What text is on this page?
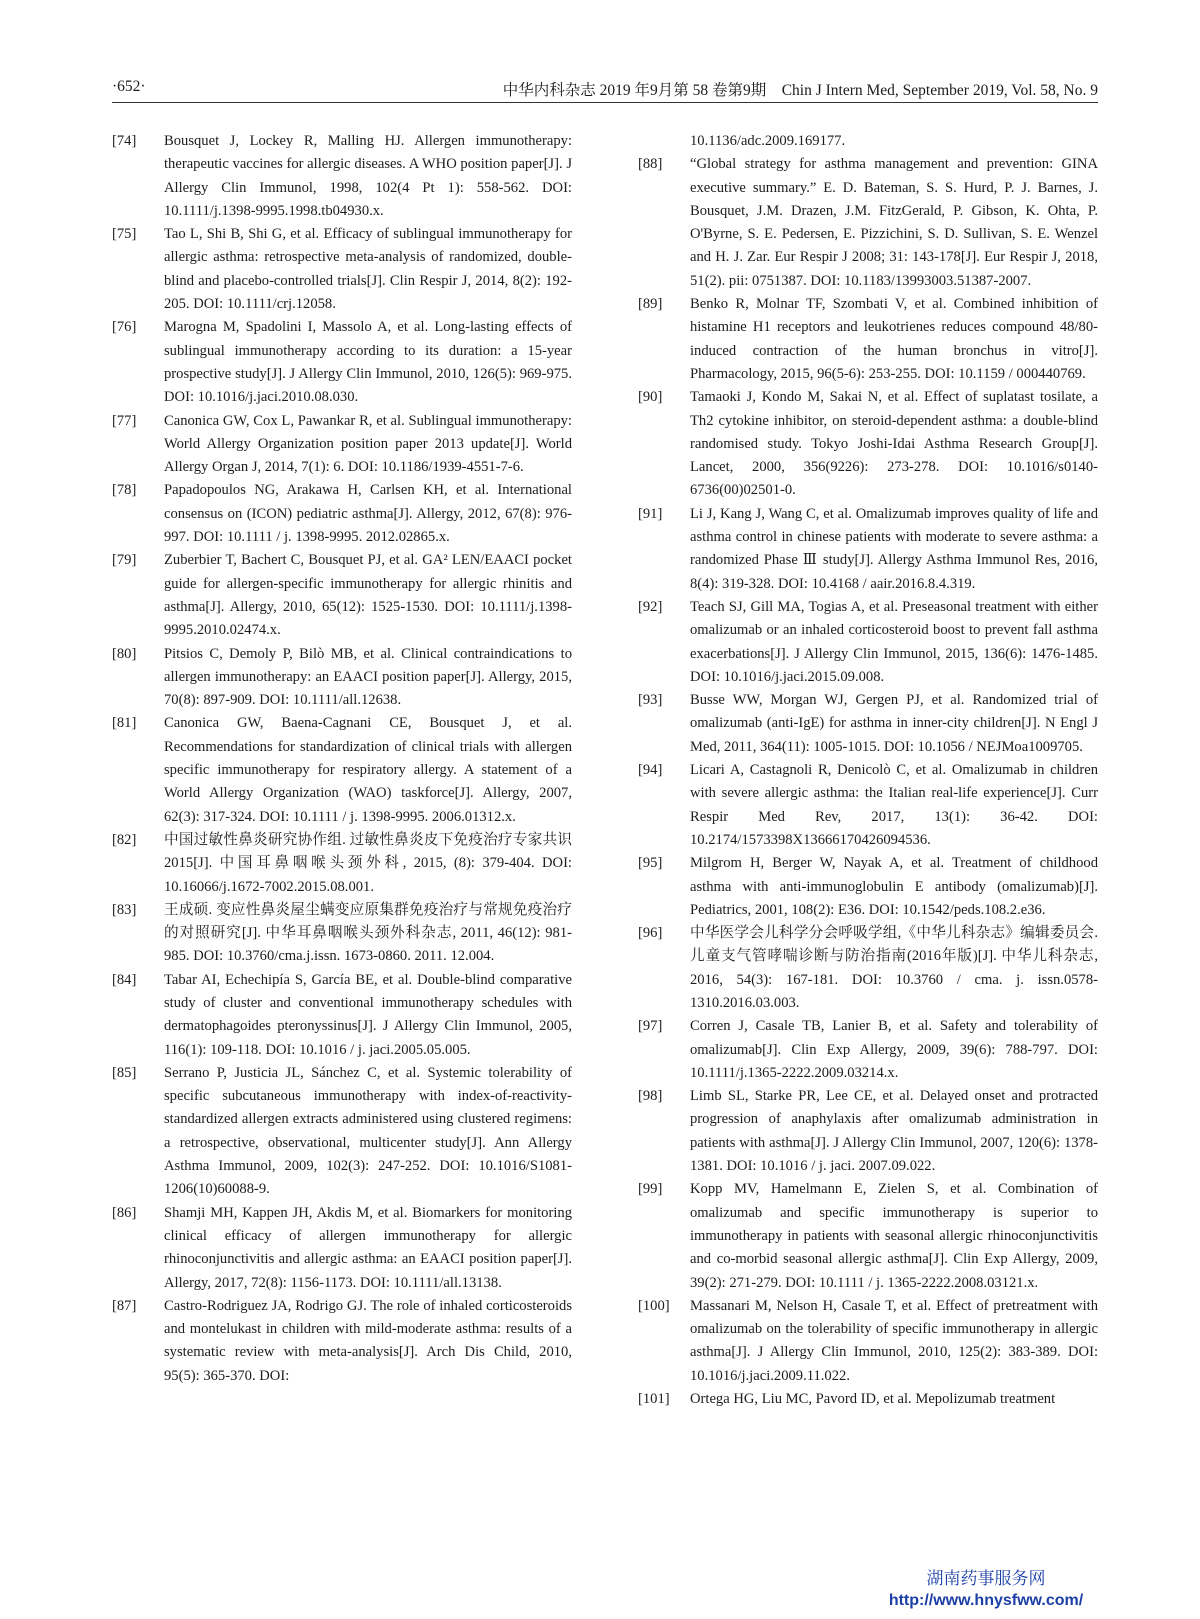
·652·	中华内科杂志 2019 年9月第 58 卷第9期　Chin J Intern Med, September 2019, Vol. 58, No. 9
[74] Bousquet J, Lockey R, Malling HJ. Allergen immunotherapy: therapeutic vaccines for allergic diseases. A WHO position paper[J]. J Allergy Clin Immunol, 1998, 102(4 Pt 1): 558-562. DOI: 10.1111/j.1398-9995.1998.tb04930.x.
[75] Tao L, Shi B, Shi G, et al. Efficacy of sublingual immunotherapy for allergic asthma: retrospective meta-analysis of randomized, double-blind and placebo-controlled trials[J]. Clin Respir J, 2014, 8(2): 192-205. DOI: 10.1111/crj.12058.
[76] Marogna M, Spadolini I, Massolo A, et al. Long-lasting effects of sublingual immunotherapy according to its duration: a 15-year prospective study[J]. J Allergy Clin Immunol, 2010, 126(5): 969-975. DOI: 10.1016/j.jaci.2010.08.030.
[77] Canonica GW, Cox L, Pawankar R, et al. Sublingual immunotherapy: World Allergy Organization position paper 2013 update[J]. World Allergy Organ J, 2014, 7(1): 6. DOI: 10.1186/1939-4551-7-6.
[78] Papadopoulos NG, Arakawa H, Carlsen KH, et al. International consensus on (ICON) pediatric asthma[J]. Allergy, 2012, 67(8): 976-997. DOI: 10.1111 / j. 1398-9995. 2012.02865.x.
[79] Zuberbier T, Bachert C, Bousquet PJ, et al. GA² LEN/EAACI pocket guide for allergen-specific immunotherapy for allergic rhinitis and asthma[J]. Allergy, 2010, 65(12): 1525-1530. DOI: 10.1111/j.1398-9995.2010.02474.x.
[80] Pitsios C, Demoly P, Bilò MB, et al. Clinical contraindications to allergen immunotherapy: an EAACI position paper[J]. Allergy, 2015, 70(8): 897-909. DOI: 10.1111/all.12638.
[81] Canonica GW, Baena-Cagnani CE, Bousquet J, et al. Recommendations for standardization of clinical trials with allergen specific immunotherapy for respiratory allergy. A statement of a World Allergy Organization (WAO) taskforce[J]. Allergy, 2007, 62(3): 317-324. DOI: 10.1111 / j. 1398-9995. 2006.01312.x.
[82] 中国过敏性鼻炎研究协作组. 过敏性鼻炎皮下免疫治疗专家共识2015[J]. 中国耳鼻咽喉头颈外科, 2015, (8): 379-404. DOI: 10.16066/j.1672-7002.2015.08.001.
[83] 王成硕. 变应性鼻炎屋尘螨变应原集群免疫治疗与常规免疫治疗的对照研究[J]. 中华耳鼻咽喉头颈外科杂志, 2011, 46(12): 981-985. DOI: 10.3760/cma.j.issn. 1673-0860. 2011. 12.004.
[84] Tabar AI, Echechipía S, García BE, et al. Double-blind comparative study of cluster and conventional immunotherapy schedules with dermatophagoides pteronyssinus[J]. J Allergy Clin Immunol, 2005, 116(1): 109-118. DOI: 10.1016 / j. jaci.2005.05.005.
[85] Serrano P, Justicia JL, Sánchez C, et al. Systemic tolerability of specific subcutaneous immunotherapy with index-of-reactivity-standardized allergen extracts administered using clustered regimens: a retrospective, observational, multicenter study[J]. Ann Allergy Asthma Immunol, 2009, 102(3): 247-252. DOI: 10.1016/S1081-1206(10)60088-9.
[86] Shamji MH, Kappen JH, Akdis M, et al. Biomarkers for monitoring clinical efficacy of allergen immunotherapy for allergic rhinoconjunctivitis and allergic asthma: an EAACI position paper[J]. Allergy, 2017, 72(8): 1156-1173. DOI: 10.1111/all.13138.
[87] Castro-Rodriguez JA, Rodrigo GJ. The role of inhaled corticosteroids and montelukast in children with mild-moderate asthma: results of a systematic review with meta-analysis[J]. Arch Dis Child, 2010, 95(5): 365-370. DOI:
10.1136/adc.2009.169177.
[88] “Global strategy for asthma management and prevention: GINA executive summary.” E. D. Bateman, S. S. Hurd, P. J. Barnes, J. Bousquet, J.M. Drazen, J.M. FitzGerald, P. Gibson, K. Ohta, P. O'Byrne, S. E. Pedersen, E. Pizzichini, S. D. Sullivan, S. E. Wenzel and H. J. Zar. Eur Respir J 2008; 31: 143-178[J]. Eur Respir J, 2018, 51(2). pii: 0751387. DOI: 10.1183/13993003.51387-2007.
[89] Benko R, Molnar TF, Szombati V, et al. Combined inhibition of histamine H1 receptors and leukotrienes reduces compound 48/80-induced contraction of the human bronchus in vitro[J]. Pharmacology, 2015, 96(5-6): 253-255. DOI: 10.1159 / 000440769.
[90] Tamaoki J, Kondo M, Sakai N, et al. Effect of suplatast tosilate, a Th2 cytokine inhibitor, on steroid-dependent asthma: a double-blind randomised study. Tokyo Joshi-Idai Asthma Research Group[J]. Lancet, 2000, 356(9226): 273-278. DOI: 10.1016/s0140-6736(00)02501-0.
[91] Li J, Kang J, Wang C, et al. Omalizumab improves quality of life and asthma control in chinese patients with moderate to severe asthma: a randomized Phase Ⅲ study[J]. Allergy Asthma Immunol Res, 2016, 8(4): 319-328. DOI: 10.4168 / aair.2016.8.4.319.
[92] Teach SJ, Gill MA, Togias A, et al. Preseasonal treatment with either omalizumab or an inhaled corticosteroid boost to prevent fall asthma exacerbations[J]. J Allergy Clin Immunol, 2015, 136(6): 1476-1485. DOI: 10.1016/j.jaci.2015.09.008.
[93] Busse WW, Morgan WJ, Gergen PJ, et al. Randomized trial of omalizumab (anti-IgE) for asthma in inner-city children[J]. N Engl J Med, 2011, 364(11): 1005-1015. DOI: 10.1056 / NEJMoa1009705.
[94] Licari A, Castagnoli R, Denicolò C, et al. Omalizumab in children with severe allergic asthma: the Italian real-life experience[J]. Curr Respir Med Rev, 2017, 13(1): 36-42. DOI: 10.2174/1573398X13666170426094536.
[95] Milgrom H, Berger W, Nayak A, et al. Treatment of childhood asthma with anti-immunoglobulin E antibody (omalizumab)[J]. Pediatrics, 2001, 108(2): E36. DOI: 10.1542/peds.108.2.e36.
[96] 中华医学会儿科学分会呼吸学组,《中华儿科杂志》编辑委员会. 儿童支气管哮喘诊断与防治指南(2016年版)[J]. 中华儿科杂志, 2016, 54(3): 167-181. DOI: 10.3760 / cma. j. issn.0578-1310.2016.03.003.
[97] Corren J, Casale TB, Lanier B, et al. Safety and tolerability of omalizumab[J]. Clin Exp Allergy, 2009, 39(6): 788-797. DOI: 10.1111/j.1365-2222.2009.03214.x.
[98] Limb SL, Starke PR, Lee CE, et al. Delayed onset and protracted progression of anaphylaxis after omalizumab administration in patients with asthma[J]. J Allergy Clin Immunol, 2007, 120(6): 1378-1381. DOI: 10.1016 / j. jaci. 2007.09.022.
[99] Kopp MV, Hamelmann E, Zielen S, et al. Combination of omalizumab and specific immunotherapy is superior to immunotherapy in patients with seasonal allergic rhinoconjunctivitis and co-morbid seasonal allergic asthma[J]. Clin Exp Allergy, 2009, 39(2): 271-279. DOI: 10.1111 / j. 1365-2222.2008.03121.x.
[100] Massanari M, Nelson H, Casale T, et al. Effect of pretreatment with omalizumab on the tolerability of specific immunotherapy in allergic asthma[J]. J Allergy Clin Immunol, 2010, 125(2): 383-389. DOI: 10.1016/j.jaci.2009.11.022.
[101] Ortega HG, Liu MC, Pavord ID, et al. Mepolizumab treatment
湖南药事服务网
http://www.hnysfww.com/
